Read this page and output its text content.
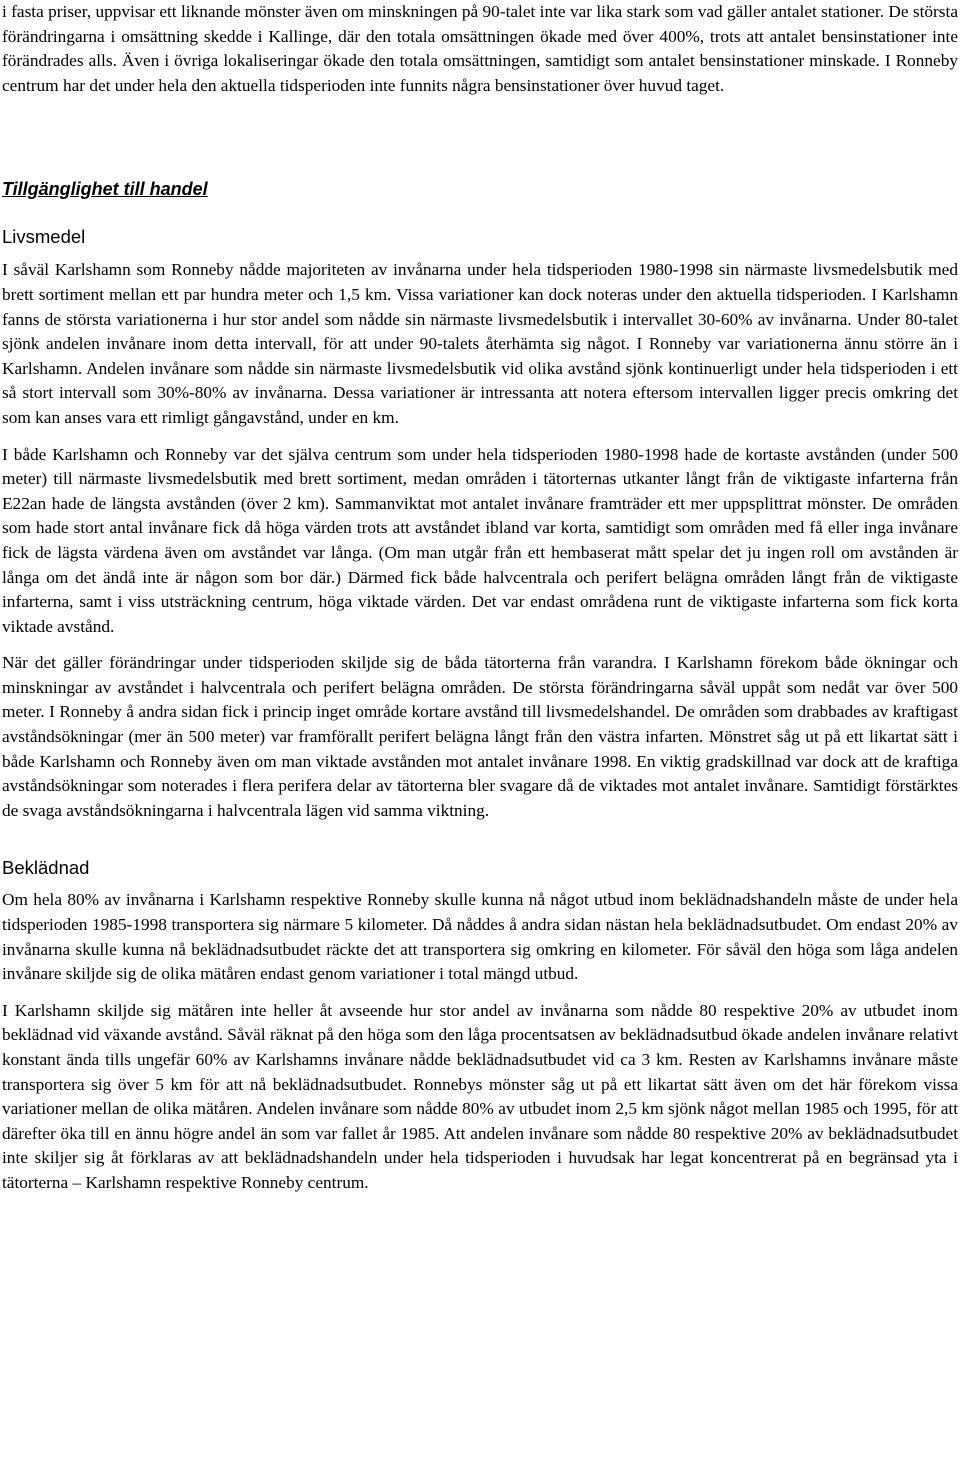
i fasta priser, uppvisar ett liknande mönster även om minskningen på 90-talet inte var lika stark som vad gäller antalet stationer. De största förändringarna i omsättning skedde i Kallinge, där den totala omsättningen ökade med över 400%, trots att antalet bensinstationer inte förändrades alls. Även i övriga lokaliseringar ökade den totala omsättningen, samtidigt som antalet bensinstationer minskade. I Ronneby centrum har det under hela den aktuella tidsperioden inte funnits några bensinstationer över huvud taget.

Tillgänglighet till handel
Livsmedel

I såväl Karlshamn som Ronneby nådde majoriteten av invånarna under hela tidsperioden 1980-1998 sin närmaste livsmedelsbutik med brett sortiment mellan ett par hundra meter och 1,5 km. Vissa variationer kan dock noteras under den aktuella tidsperioden. I Karlshamn fanns de största variationerna i hur stor andel som nådde sin närmaste livsmedelsbutik i intervallet 30-60% av invånarna. Under 80-talet sjönk andelen invånare inom detta intervall, för att under 90-talets återhämta sig något. I Ronneby var variationerna ännu större än i Karlshamn. Andelen invånare som nådde sin närmaste livsmedelsbutik vid olika avstånd sjönk kontinuerligt under hela tidsperioden i ett så stort intervall som 30%-80% av invånarna. Dessa variationer är intressanta att notera eftersom intervallen ligger precis omkring det som kan anses vara ett rimligt gångavstånd, under en km.

I både Karlshamn och Ronneby var det själva centrum som under hela tidsperioden 1980-1998 hade de kortaste avstånden (under 500 meter) till närmaste livsmedelsbutik med brett sortiment, medan områden i tätorternas utkanter långt från de viktigaste infarterna från E22an hade de längsta avstånden (över 2 km). Sammanviktat mot antalet invånare framträder ett mer uppsplittrat mönster. De områden som hade stort antal invånare fick då höga värden trots att avståndet ibland var korta, samtidigt som områden med få eller inga invånare fick de lägsta värdena även om avståndet var långa. (Om man utgår från ett hembaserat mått spelar det ju ingen roll om avstånden är långa om det ändå inte är någon som bor där.) Därmed fick både halvcentrala och perifert belägna områden långt från de viktigaste infarterna, samt i viss utsträckning centrum, höga viktade värden. Det var endast områdena runt de viktigaste infarterna som fick korta viktade avstånd.

När det gäller förändringar under tidsperioden skiljde sig de båda tätorterna från varandra. I Karlshamn förekom både ökningar och minskningar av avståndet i halvcentrala och perifert belägna områden. De största förändringarna såväl uppåt som nedåt var över 500 meter. I Ronneby å andra sidan fick i princip inget område kortare avstånd till livsmedelshandel. De områden som drabbades av kraftigast avståndsökningar (mer än 500 meter) var framförallt perifert belägna långt från den västra infarten. Mönstret såg ut på ett likartat sätt i både Karlshamn och Ronneby även om man viktade avstånden mot antalet invånare 1998. En viktig gradskillnad var dock att de kraftiga avståndsökningar som noterades i flera perifera delar av tätorterna bler svagare då de viktades mot antalet invånare. Samtidigt förstärktes de svaga avståndsökningarna i halvcentrala lägen vid samma viktning.

Beklädnad

Om hela 80% av invånarna i Karlshamn respektive Ronneby skulle kunna nå något utbud inom beklädnadshandeln måste de under hela tidsperioden 1985-1998 transportera sig närmare 5 kilometer. Då nåddes å andra sidan nästan hela beklädnadsutbudet. Om endast 20% av invånarna skulle kunna nå beklädnadsutbudet räckte det att transportera sig omkring en kilometer. För såväl den höga som låga andelen invånare skiljde sig de olika mätåren endast genom variationer i total mängd utbud.

I Karlshamn skiljde sig mätåren inte heller åt avseende hur stor andel av invånarna som nådde 80 respektive 20% av utbudet inom beklädnad vid växande avstånd. Såväl räknat på den höga som den låga procentsatsen av beklädnadsutbud ökade andelen invånare relativt konstant ända tills ungefär 60% av Karlshamns invånare nådde beklädnadsutbudet vid ca 3 km. Resten av Karlshamns invånare måste transportera sig över 5 km för att nå beklädnadsutbudet. Ronnebys mönster såg ut på ett likartat sätt även om det här förekom vissa variationer mellan de olika mätåren. Andelen invånare som nådde 80% av utbudet inom 2,5 km sjönk något mellan 1985 och 1995, för att därefter öka till en ännu högre andel än som var fallet år 1985. Att andelen invånare som nådde 80 respektive 20% av beklädnadsutbudet inte skiljer sig åt förklaras av att beklädnadshandeln under hela tidsperioden i huvudsak har legat koncentrerat på en begränsad yta i tätorterna – Karlshamn respektive Ronneby centrum.
